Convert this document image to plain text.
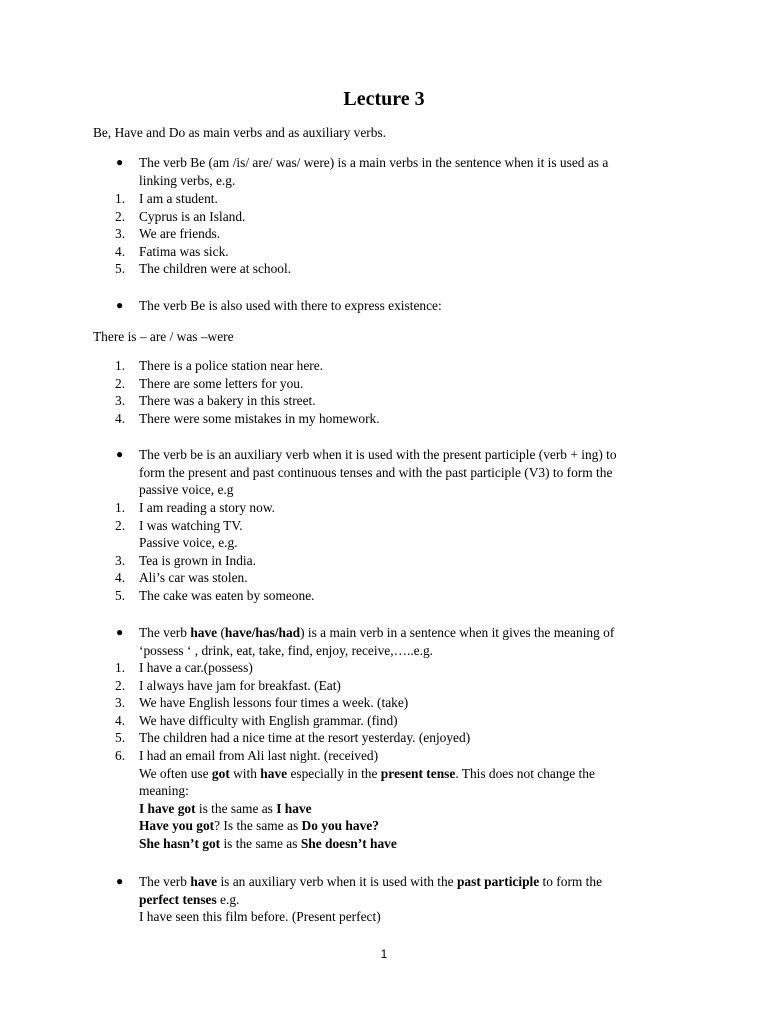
Lecture 3
Be, Have and Do as main verbs and as auxiliary verbs.
● The verb Be (am /is/ are/ was/ were) is a main verbs in the sentence when it is used as a
linking verbs, e.g.
1. I am a student.
2. Cyprus is an Island.
3. We are friends.
4. Fatima was sick.
5. The children were at school.
● The verb Be is also used with there to express existence:
There is – are / was –were
1. There is a police station near here.
2. There are some letters for you.
3. There was a bakery in this street.
4. There were some mistakes in my homework.
● The verb be is an auxiliary verb when it is used with the present participle (verb + ing) to
form the present and past continuous tenses and with the past participle (V3) to form the
passive voice, e.g
1. I am reading a story now.
2. I was watching TV.
Passive voice, e.g.
3. Tea is grown in India.
4. Ali’s car was stolen.
5. The cake was eaten by someone.
● The verb have (have/has/had) is a main verb in a sentence when it gives the meaning of
‘possess ‘ , drink, eat, take, find, enjoy, receive,…..e.g.
1. I have a car.(possess)
2. I always have jam for breakfast. (Eat)
3. We have English lessons four times a week. (take)
4. We have difficulty with English grammar. (find)
5. The children had a nice time at the resort yesterday. (enjoyed)
6. I had an email from Ali last night. (received)
We often use got with have especially in the present tense. This does not change the
meaning:
I have got is the same as I have
Have you got? Is the same as Do you have?
She hasn’t got is the same as She doesn’t have
● The verb have is an auxiliary verb when it is used with the past participle to form the
perfect tenses e.g.
I have seen this film before. (Present perfect)
1
